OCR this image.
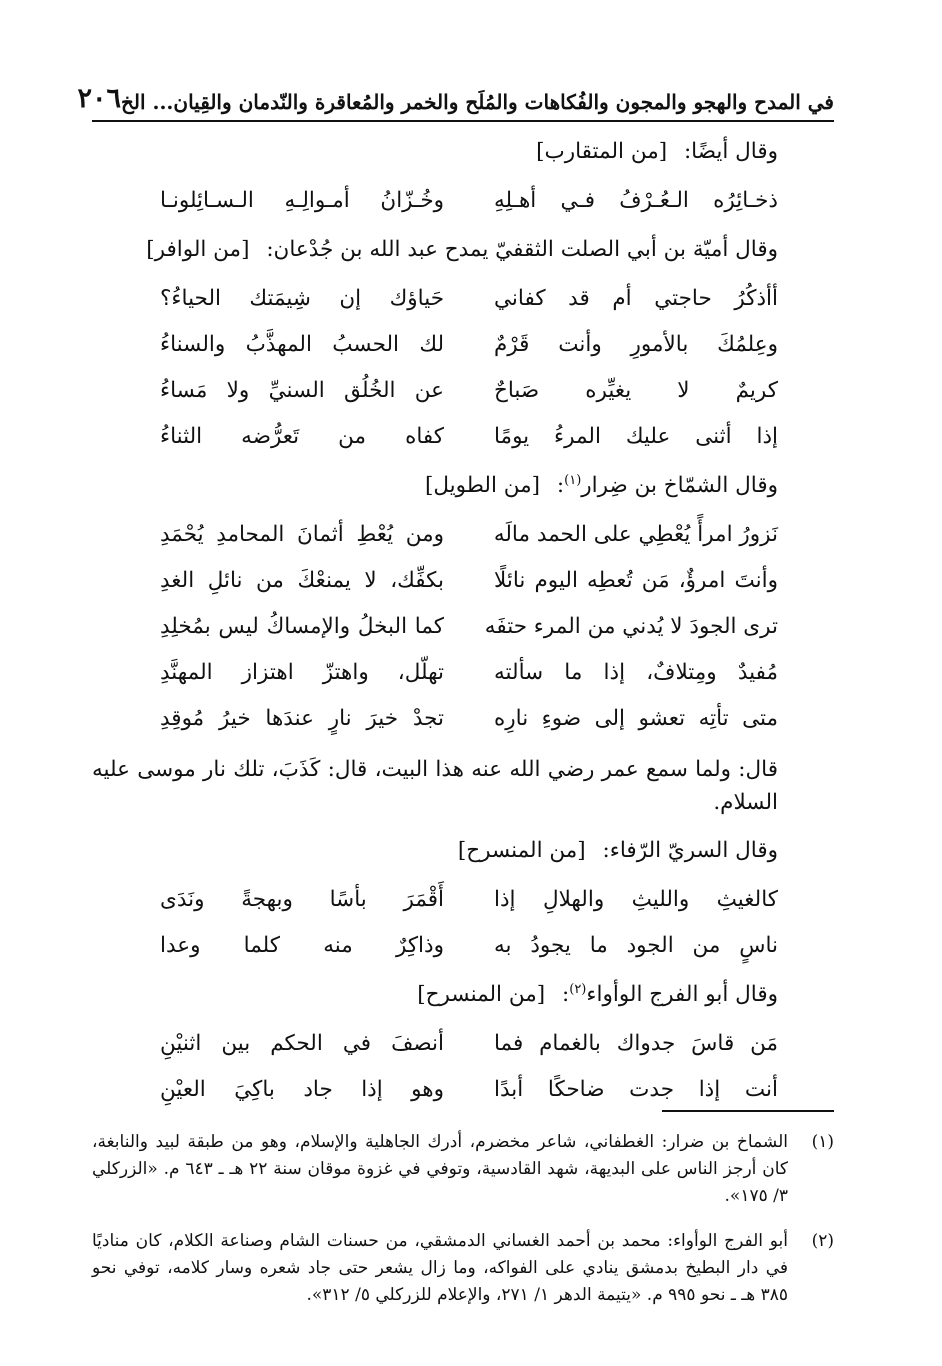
في المدح والهجو والمجون والفُكاهات والمُلَح والخمر والمُعاقرة والنّدمان والقِيان... الخ
٢٠٦

وقال أيضًا: [من المتقارب]

ذخـائِرُه الـعُـرْفُ فـي أهـلِهِ
وخُـزّانُ أمـوالِـهِ الـسـائِلونـا

وقال أميّة بن أبي الصلت الثقفيّ يمدح عبد الله بن جُدْعان: [من الوافر]

أأذكُرُ حاجتي أم قد كفاني
حَياؤك إن شِيمَتك الحياءُ؟
وعِلمُكَ بالأمورِ وأنت قَرْمٌ
لك الحسبُ المهذَّبُ والسناءُ
كريمٌ لا يغيِّره صَباحٌ
عن الخُلُق السنيِّ ولا مَساءُ
إذا أثنى عليك المرءُ يومًا
كفاه من تَعرُّضه الثناءُ

وقال الشمّاخ بن ضِرار$^{(١)}$: [من الطويل]

نَزورُ امرأً يُعْطِي على الحمد مالَه
ومن يُعْطِ أثمانَ المحامدِ يُحْمَدِ
وأنتَ امرؤٌ، مَن تُعطِه اليوم نائلًا
بكفِّك، لا يمنعْكَ من نائلِ الغدِ
ترى الجودَ لا يُدني من المرء حتفَه
كما البخلُ والإمساكُ ليس بمُخلِدِ
مُفيدٌ ومِتلافٌ، إذا ما سألته
تهلّل، واهتزّ اهتزاز المهنَّدِ
متى تأتِه تعشو إلى ضوءِ نارِه
تجدْ خيرَ نارٍ عندَها خيرُ مُوقِدِ

قال: ولما سمع عمر رضي الله عنه هذا البيت، قال: كَذَبَ، تلك نار موسى عليه السلام.

وقال السريّ الرّفاء: [من المنسرح]

كالغيثِ والليثِ والهلالِ إذا
أَقْمَرَ بأسًا وبهجةً ونَدَى
ناسٍ من الجود ما يجودُ به
وذاكِرٌ منه كلما وعدا

وقال أبو الفرج الوأواء$^{(٢)}$: [من المنسرح]

مَن قاسَ جدواك بالغمام فما
أنصفَ في الحكم بين اثنيْنِ
أنت إذا جدت ضاحكًا أبدًا
وهو إذا جاد باكِيَ العيْنِ

(١)
الشماخ بن ضرار: الغطفاني، شاعر مخضرم، أدرك الجاهلية والإسلام، وهو من طبقة لبيد والنابغة، كان أرجز الناس على البديهة، شهد القادسية، وتوفي في غزوة موقان سنة ٢٢ هـ ـ ٦٤٣ م. «الزركلي ٣/ ١٧٥».

(٢)
أبو الفرج الوأواء: محمد بن أحمد الغساني الدمشقي، من حسنات الشام وصناعة الكلام، كان مناديًا في دار البطيخ بدمشق ينادي على الفواكه، وما زال يشعر حتى جاد شعره وسار كلامه، توفي نحو ٣٨٥ هـ ـ نحو ٩٩٥ م. «يتيمة الدهر ١/ ٢٧١، والإعلام للزركلي ٥/ ٣١٢».
